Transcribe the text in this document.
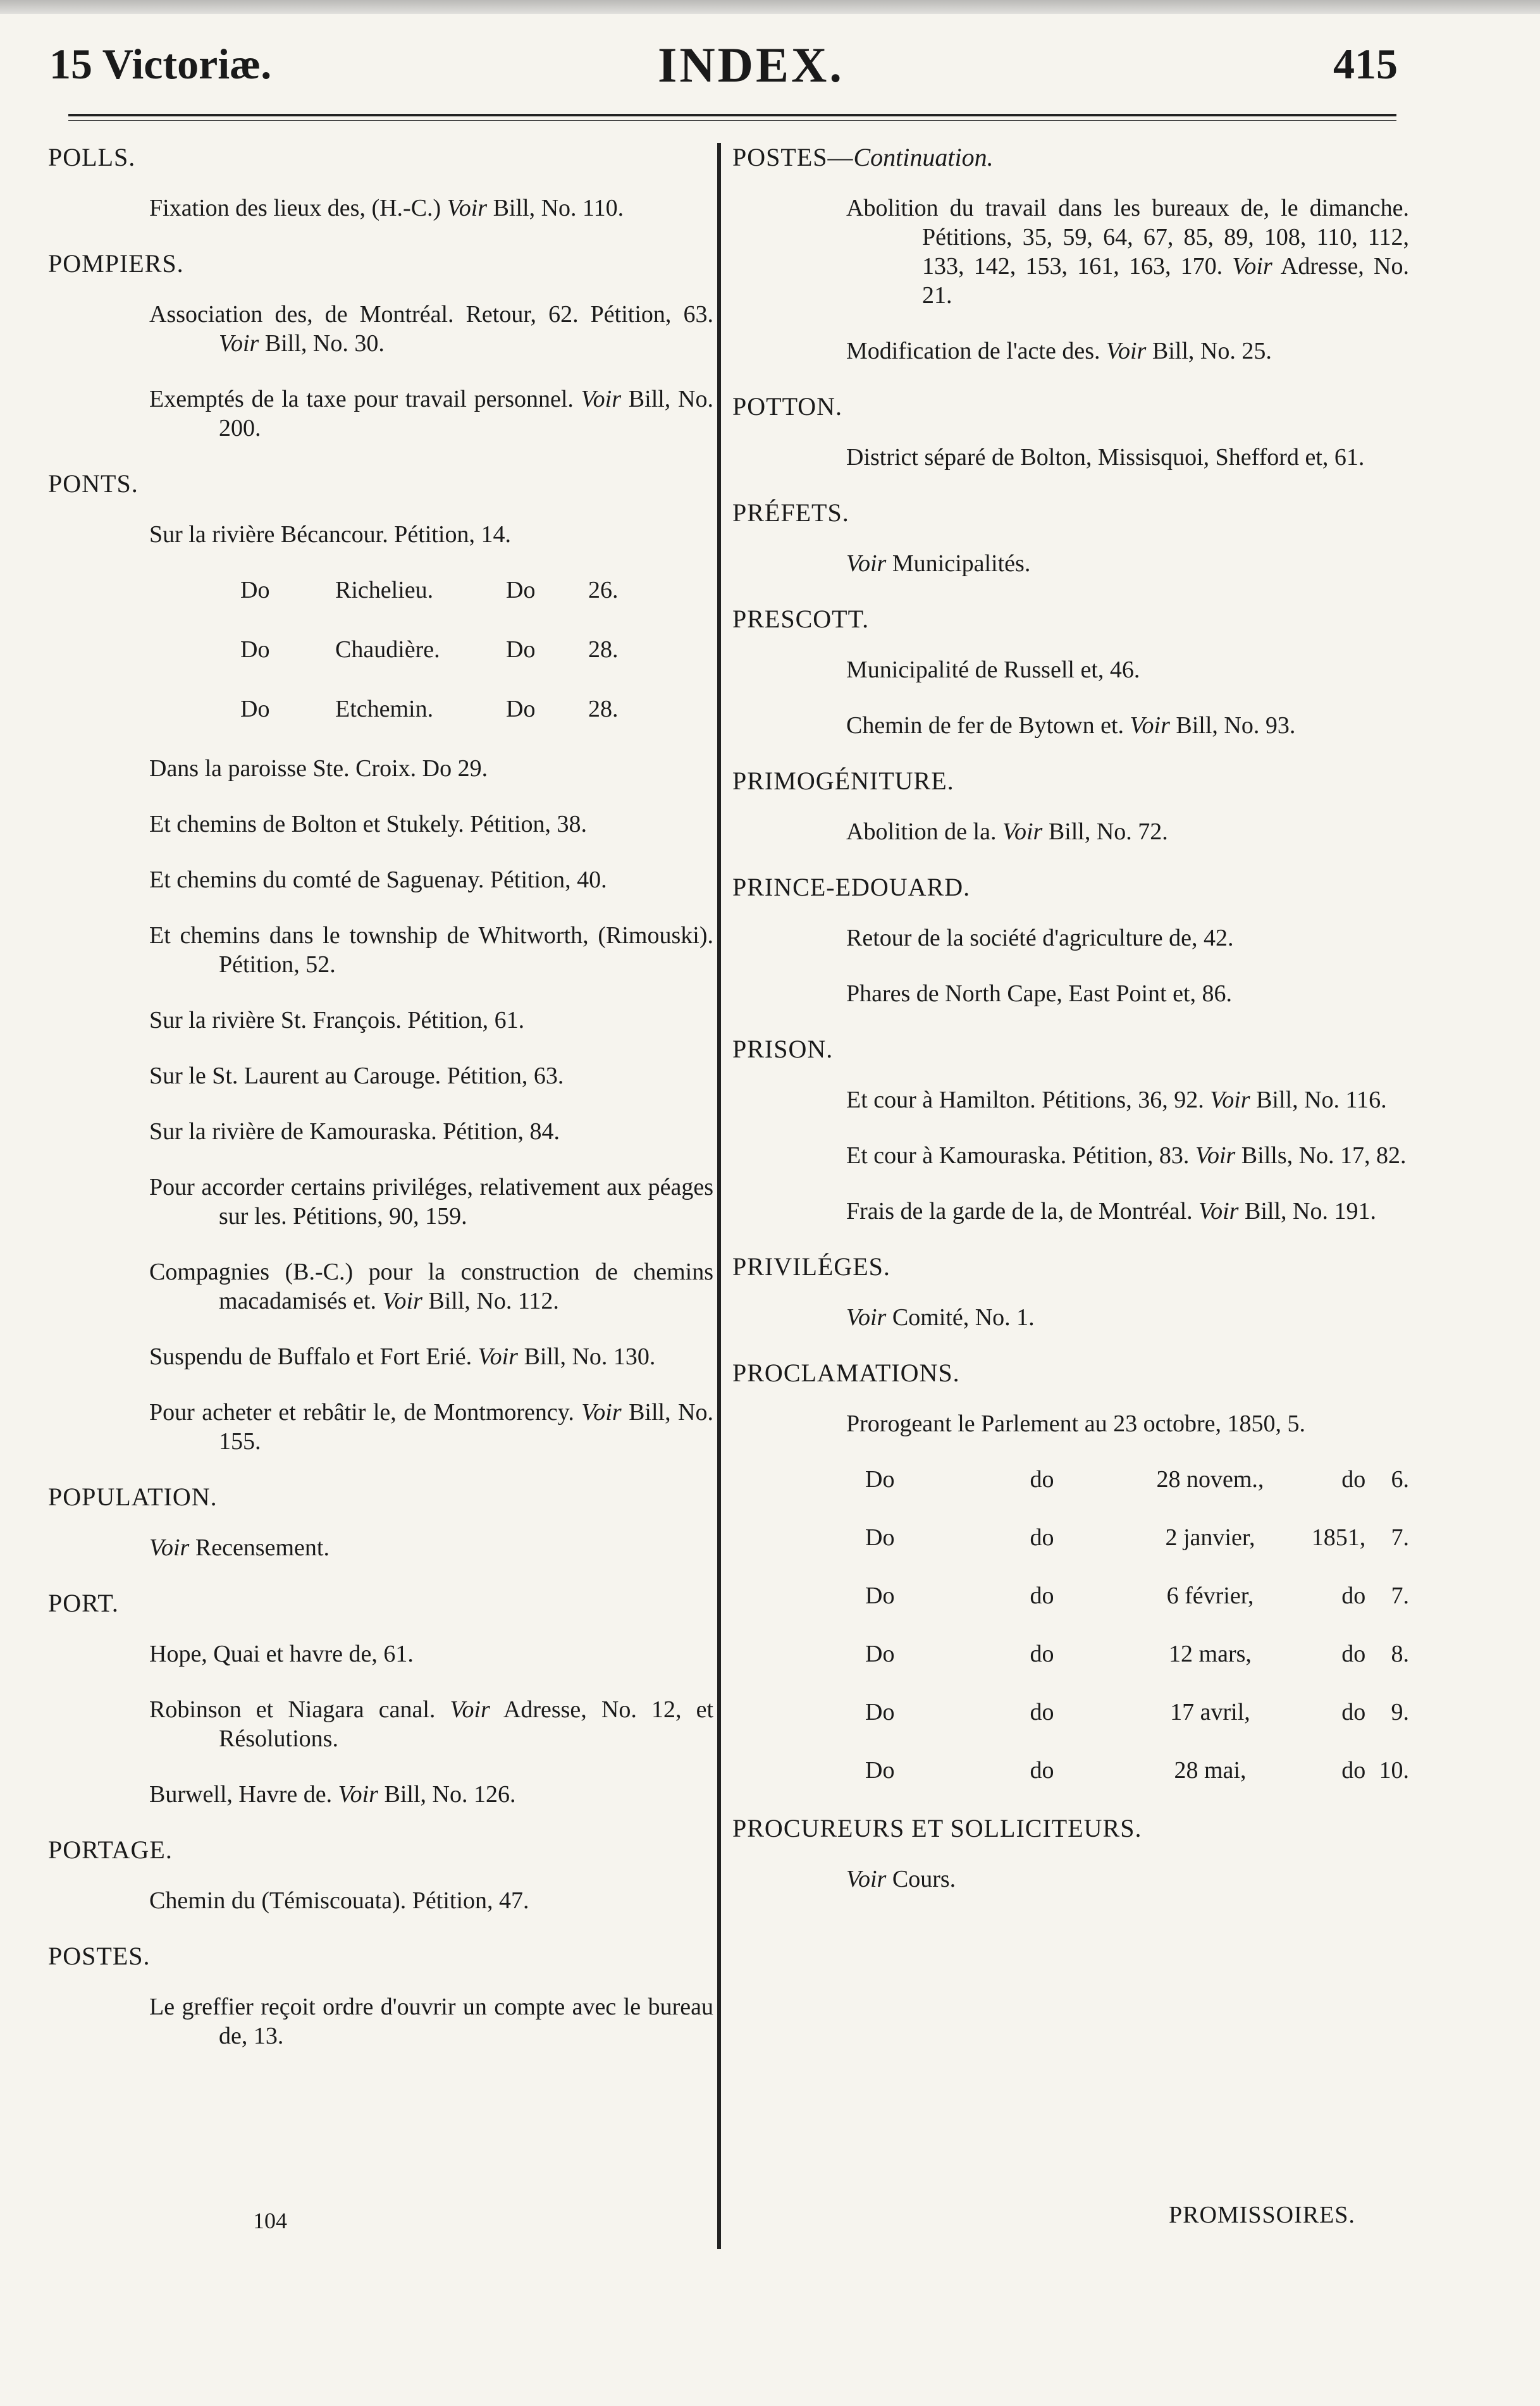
15 Victoriæ.	INDEX.	415
POLLS.
Fixation des lieux des, (H.-C.) Voir Bill, No. 110.
POMPIERS.
Association des, de Montréal. Retour, 62. Pétition, 63. Voir Bill, No. 30.
Exemptés de la taxe pour travail personnel. Voir Bill, No. 200.
PONTS.
Sur la rivière Bécancour. Pétition, 14.
Do	Richelieu.	Do	26.
Do	Chaudière.	Do	28.
Do	Etchemin.	Do	28.
Dans la paroisse Ste. Croix. Do 29.
Et chemins de Bolton et Stukely. Pétition, 38.
Et chemins du comté de Saguenay. Pétition, 40.
Et chemins dans le township de Whitworth, (Rimouski). Pétition, 52.
Sur la rivière St. François. Pétition, 61.
Sur le St. Laurent au Carouge. Pétition, 63.
Sur la rivière de Kamouraska. Pétition, 84.
Pour accorder certains priviléges, relativement aux péages sur les. Pétitions, 90, 159.
Compagnies (B.-C.) pour la construction de chemins macadamisés et. Voir Bill, No. 112.
Suspendu de Buffalo et Fort Erié. Voir Bill, No. 130.
Pour acheter et rebâtir le, de Montmorency. Voir Bill, No. 155.
POPULATION.
Voir Recensement.
PORT.
Hope, Quai et havre de, 61.
Robinson et Niagara canal. Voir Adresse, No. 12, et Résolutions.
Burwell, Havre de. Voir Bill, No. 126.
PORTAGE.
Chemin du (Témiscouata). Pétition, 47.
POSTES.
Le greffier reçoit ordre d'ouvrir un compte avec le bureau de, 13.
POSTES—Continuation.
Abolition du travail dans les bureaux de, le dimanche. Pétitions, 35, 59, 64, 67, 85, 89, 108, 110, 112, 133, 142, 153, 161, 163, 170. Voir Adresse, No. 21.
Modification de l'acte des. Voir Bill, No. 25.
POTTON.
District séparé de Bolton, Missisquoi, Shefford et, 61.
PRÉFETS.
Voir Municipalités.
PRESCOTT.
Municipalité de Russell et, 46.
Chemin de fer de Bytown et. Voir Bill, No. 93.
PRIMOGÉNITURE.
Abolition de la. Voir Bill, No. 72.
PRINCE-EDOUARD.
Retour de la société d'agriculture de, 42.
Phares de North Cape, East Point et, 86.
PRISON.
Et cour à Hamilton. Pétitions, 36, 92. Voir Bill, No. 116.
Et cour à Kamouraska. Pétition, 83. Voir Bills, No. 17, 82.
Frais de la garde de la, de Montréal. Voir Bill, No. 191.
PRIVILÉGES.
Voir Comité, No. 1.
PROCLAMATIONS.
Prorogeant le Parlement au 23 octobre, 1850, 5.
Do	do	28 novem.,	do	6.
Do	do	2 janvier,	1851,	7.
Do	do	6 février,	do	7.
Do	do	12 mars,	do	8.
Do	do	17 avril,	do	9.
Do	do	28 mai,	do 10.
PROCUREURS ET SOLLICITEURS.
Voir Cours.
104	PROMISSOIRES.
